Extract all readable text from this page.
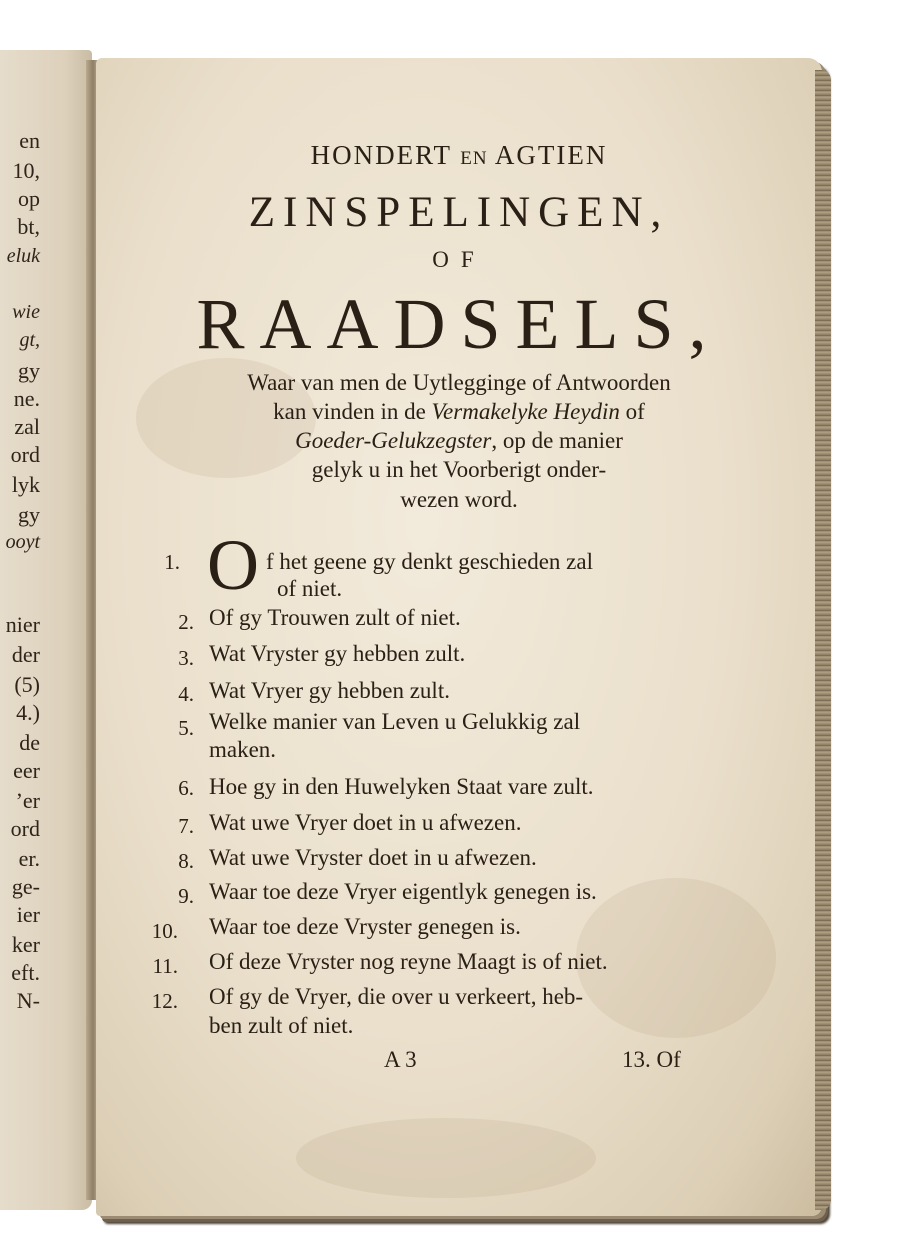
en
10,
op
bt,
eluk
wie
gt,
gy
ne.
zal
ord
lyk
gy
ooyt
nier
der
(5)
4.)
de
eer
’er
ord
er.
ge-
ier
ker
eft.
N-
HONDERT EN AGTIEN
ZINSPELINGEN,
OF
RAADSELS,
Waar van men de Uytlegginge of Antwoorden
kan vinden in de Vermakelyke Heydin of
Goeder-Gelukzegster, op de manier
gelyk u in het Voorberigt onder-
wezen word.
1. O f het geene gy denkt geschieden zal
of niet.
2. Of gy Trouwen zult of niet.
3. Wat Vryster gy hebben zult.
4. Wat Vryer gy hebben zult.
5. Welke manier van Leven u Gelukkig zal
maken.
6. Hoe gy in den Huwelyken Staat vare zult.
7. Wat uwe Vryer doet in u afwezen.
8. Wat uwe Vryster doet in u afwezen.
9. Waar toe deze Vryer eigentlyk genegen is.
10. Waar toe deze Vryster genegen is.
11. Of deze Vryster nog reyne Maagt is of niet.
12. Of gy de Vryer, die over u verkeert, heb-
ben zult of niet.
A 3	13. Of
